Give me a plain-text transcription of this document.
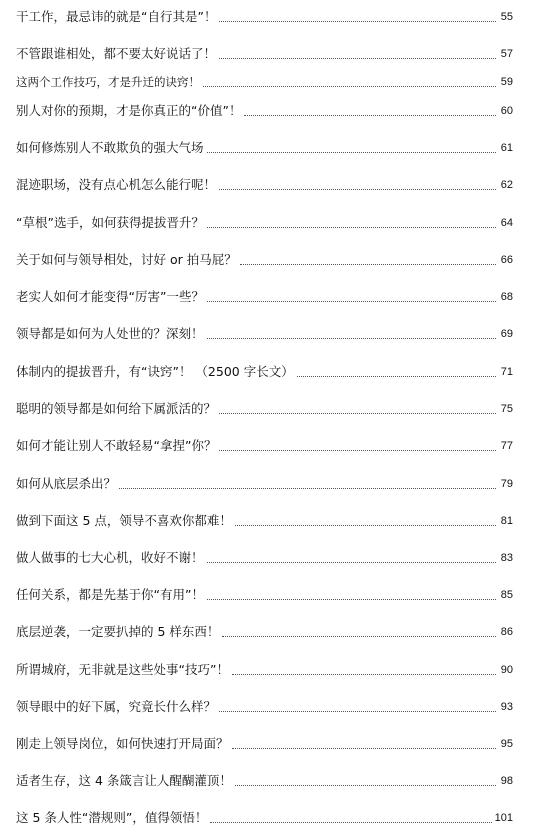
干工作，最忌讳的就是“自行其是”！	55
不管跟谁相处，都不要太好说话了！	57
这两个工作技巧，才是升迁的诀窍！	59
别人对你的预期，才是你真正的“价值”！	60
如何修炼别人不敢欺负的强大气场	61
混迹职场，没有点心机怎么能行呢！	62
“草根”选手，如何获得提拔晋升？	64
关于如何与领导相处，讨好 or 拍马屁？	66
老实人如何才能变得“厉害”一些？	68
领导都是如何为人处世的？深刻！	69
体制内的提拔晋升，有“诀窍”！ （2500 字长文）	71
聪明的领导都是如何给下属派活的？	75
如何才能让别人不敢轻易“拿捏”你？	77
如何从底层杀出？	79
做到下面这 5 点，领导不喜欢你都难！	81
做人做事的七大心机，收好不谢！	83
任何关系，都是先基于你“有用”！	85
底层逆袭，一定要扒掉的 5 样东西！	86
所谓城府，无非就是这些处事“技巧”！	90
领导眼中的好下属，究竟长什么样？	93
刚走上领导岗位，如何快速打开局面？	95
适者生存，这 4 条箴言让人醒醐灌顶！	98
这 5 条人性“潜规则”，值得领悟！	101
